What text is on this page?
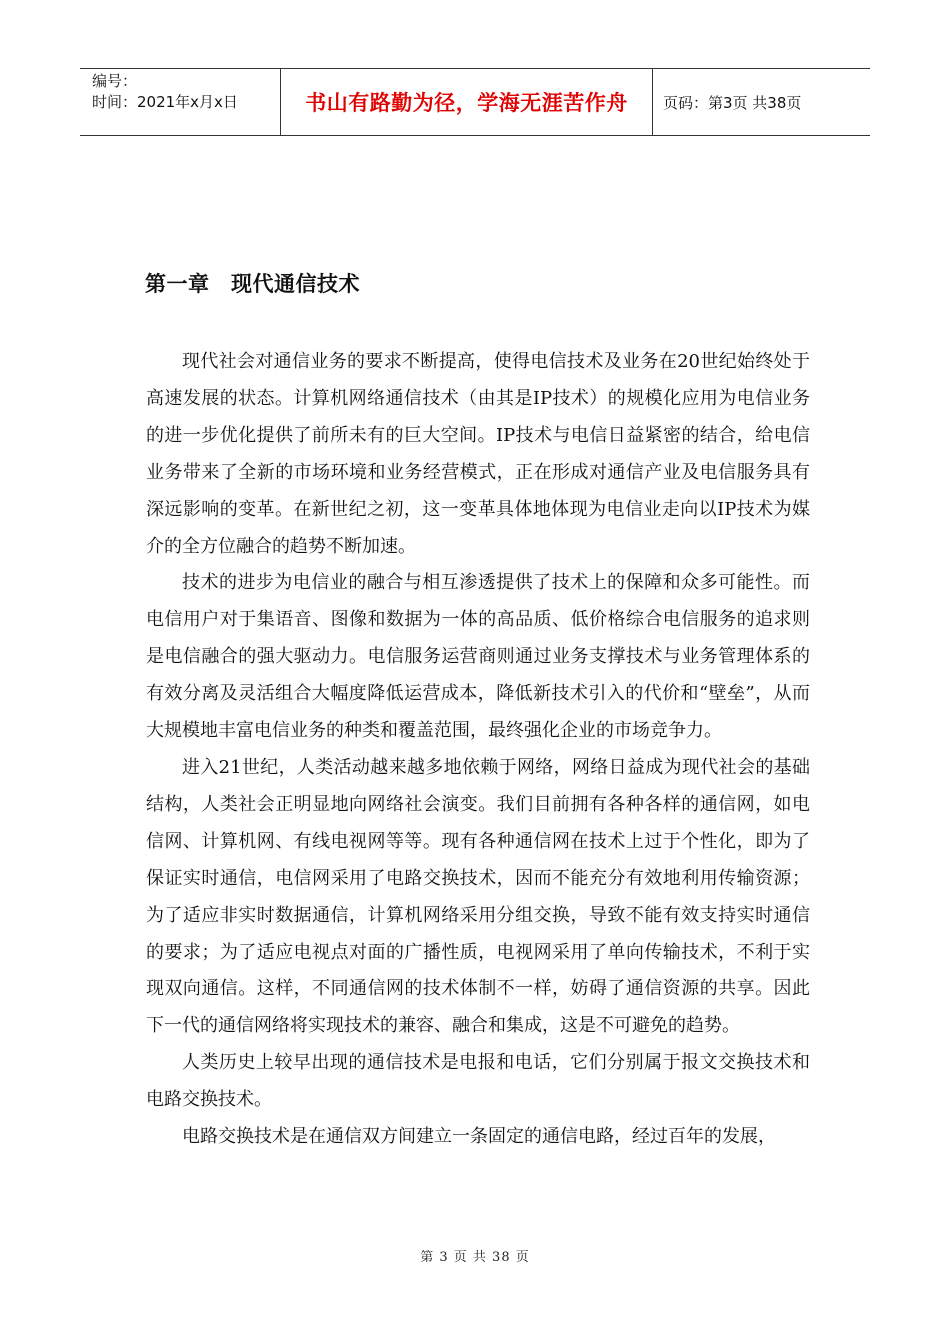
编号：
时间：2021年x月x日	书山有路勤为径，学海无涯苦作舟 页码：第3页 共38页
第一章　现代通信技术

现代社会对通信业务的要求不断提高，使得电信技术及业务在20世纪始终处于高速发展的状态。计算机网络通信技术（由其是IP技术）的规模化应用为电信业务的进一步优化提供了前所未有的巨大空间。IP技术与电信日益紧密的结合，给电信业务带来了全新的市场环境和业务经营模式，正在形成对通信产业及电信服务具有深远影响的变革。在新世纪之初，这一变革具体地体现为电信业走向以IP技术为媒介的全方位融合的趋势不断加速。

技术的进步为电信业的融合与相互渗透提供了技术上的保障和众多可能性。而电信用户对于集语音、图像和数据为一体的高品质、低价格综合电信服务的追求则是电信融合的强大驱动力。电信服务运营商则通过业务支撑技术与业务管理体系的有效分离及灵活组合大幅度降低运营成本，降低新技术引入的代价和“壁垒”，从而大规模地丰富电信业务的种类和覆盖范围，最终强化企业的市场竞争力。

进入21世纪，人类活动越来越多地依赖于网络，网络日益成为现代社会的基础结构，人类社会正明显地向网络社会演变。我们目前拥有各种各样的通信网，如电信网、计算机网、有线电视网等等。现有各种通信网在技术上过于个性化，即为了保证实时通信，电信网采用了电路交换技术，因而不能充分有效地利用传输资源；为了适应非实时数据通信，计算机网络采用分组交换，导致不能有效支持实时通信的要求；为了适应电视点对面的广播性质，电视网采用了单向传输技术，不利于实现双向通信。这样，不同通信网的技术体制不一样，妨碍了通信资源的共享。因此下一代的通信网络将实现技术的兼容、融合和集成，这是不可避免的趋势。

人类历史上较早出现的通信技术是电报和电话，它们分别属于报文交换技术和电路交换技术。

电路交换技术是在通信双方间建立一条固定的通信电路，经过百年的发展，

第 3 页 共 38 页
